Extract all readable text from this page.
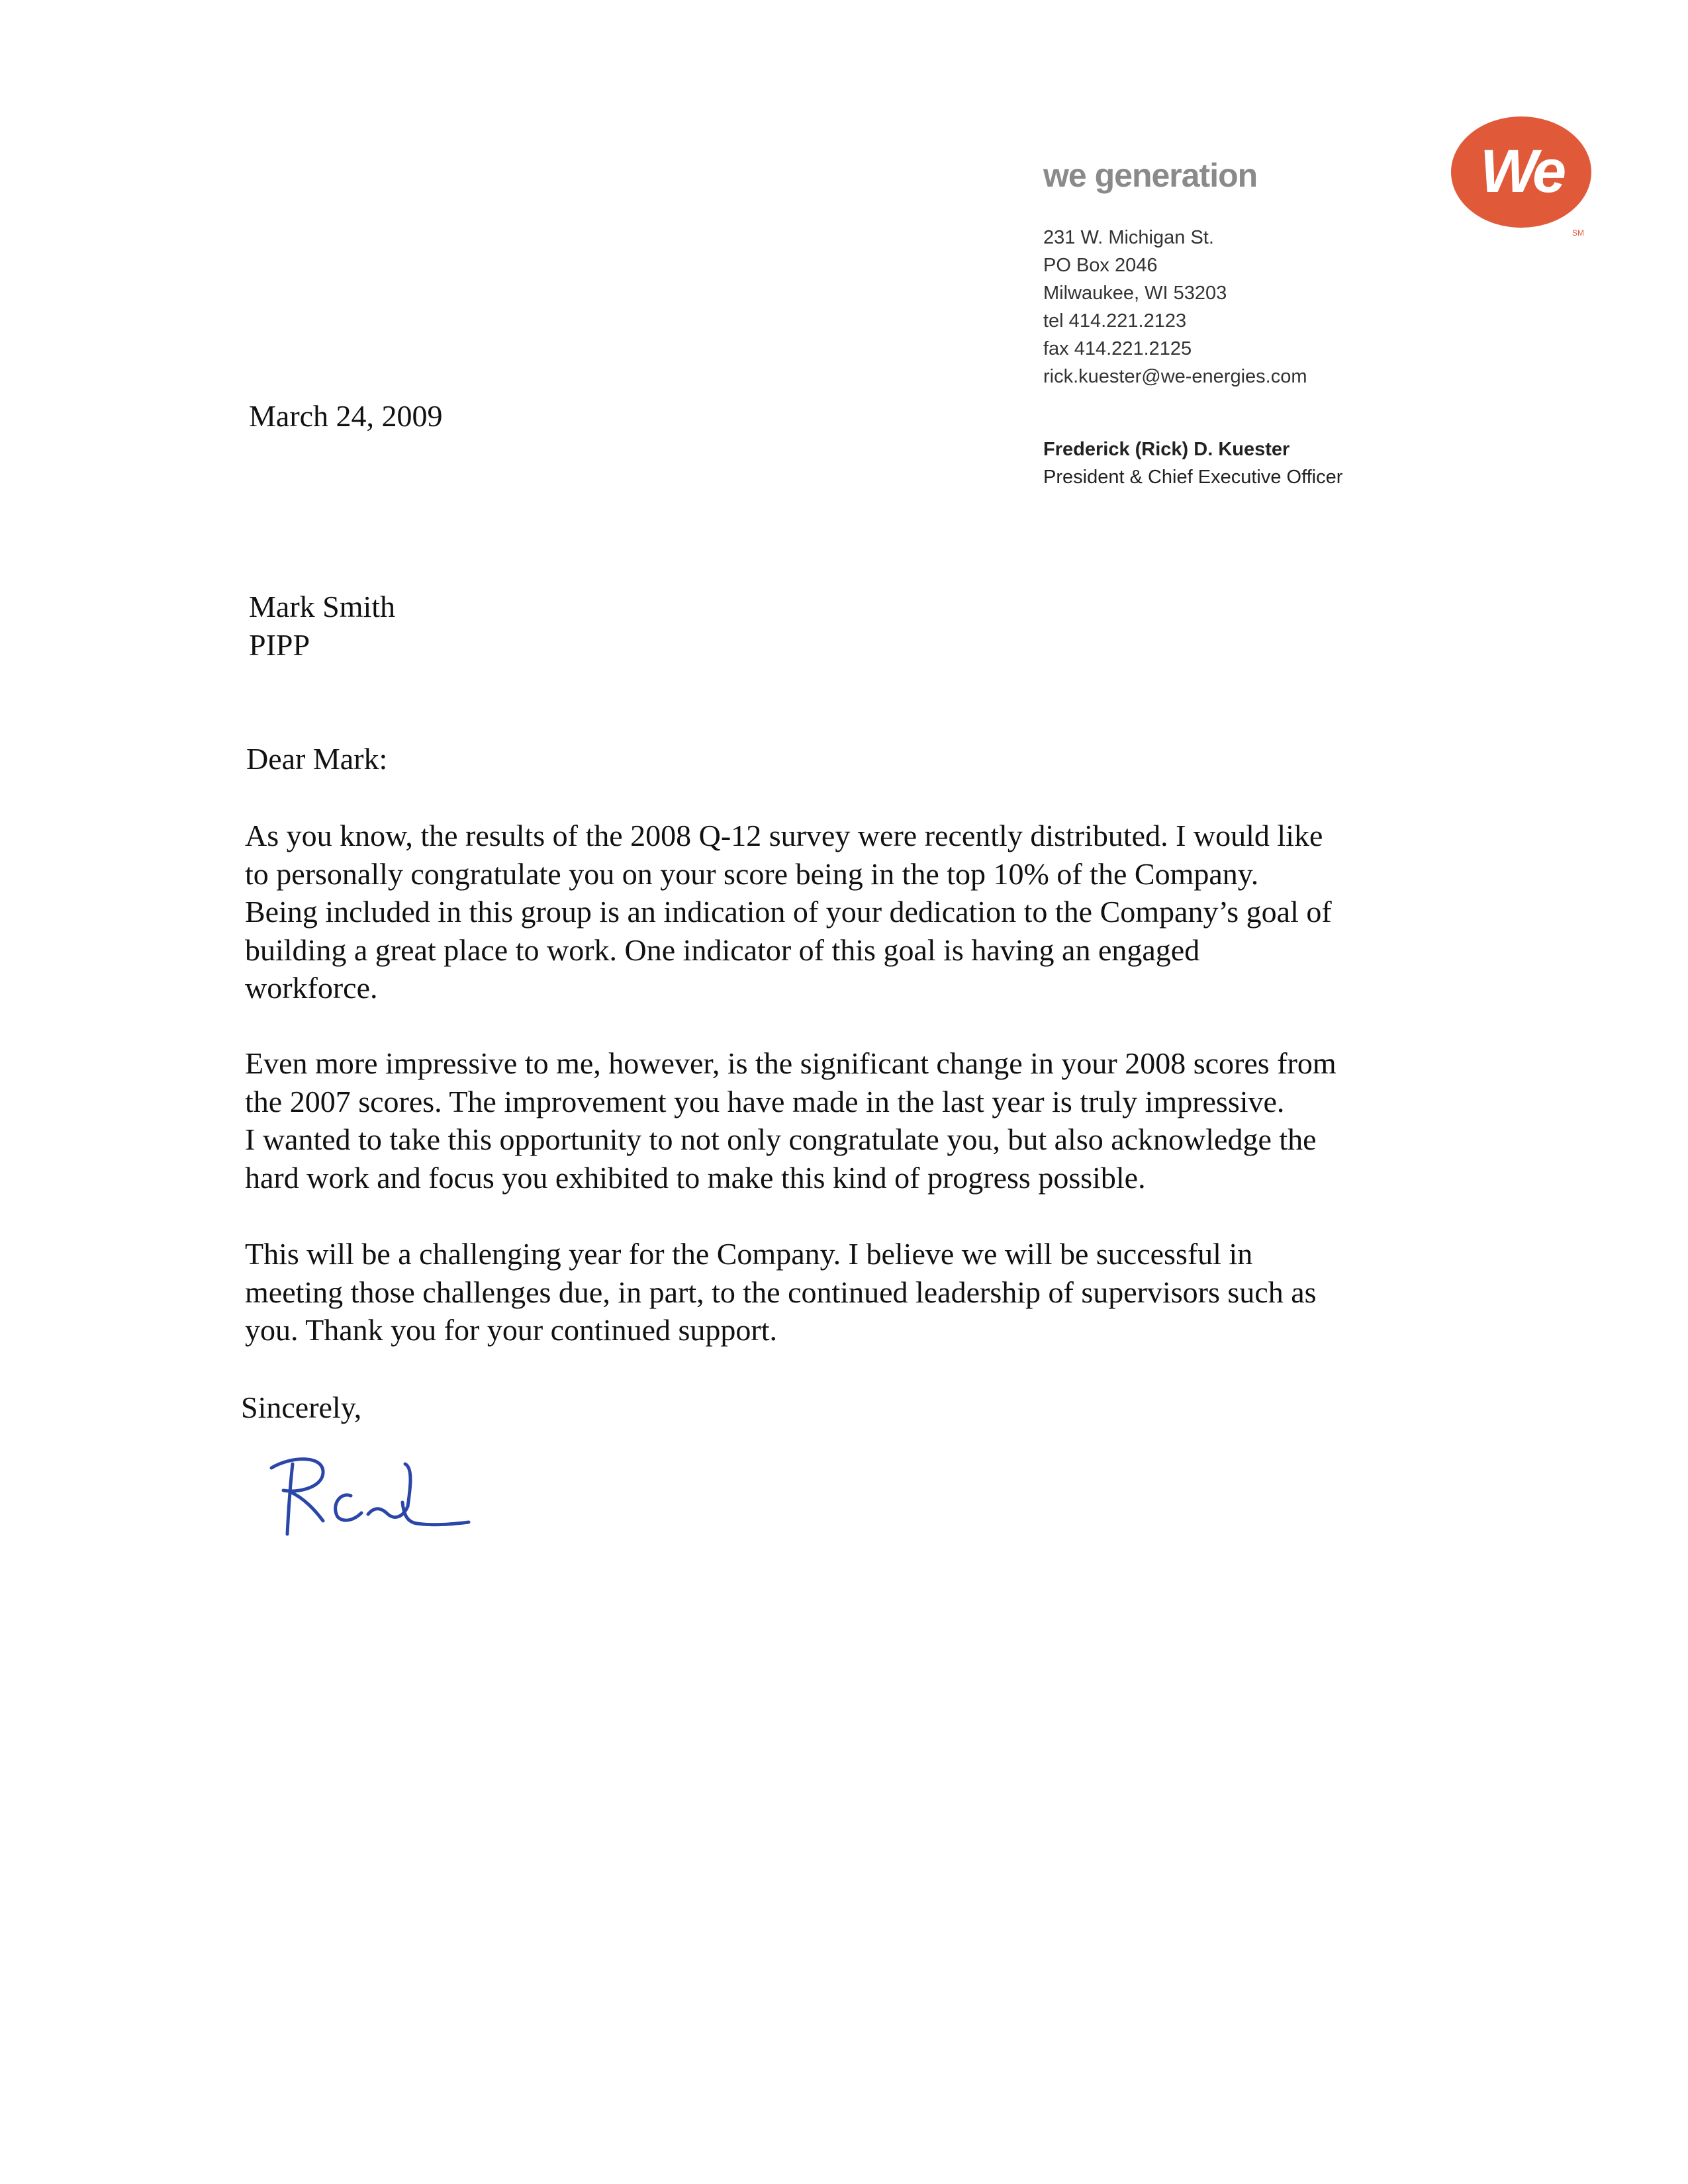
we generation	We
SM
231 W. Michigan St.
PO Box 2046
Milwaukee, WI 53203
tel 414.221.2123
fax 414.221.2125
rick.kuester@we-energies.com
Frederick (Rick) D. Kuester
President & Chief Executive Officer
March 24, 2009
Mark Smith
PIPP
Dear Mark:
As you know, the results of the 2008 Q-12 survey were recently distributed. I would like
to personally congratulate you on your score being in the top 10% of the Company.
Being included in this group is an indication of your dedication to the Company’s goal of
building a great place to work. One indicator of this goal is having an engaged
workforce.
Even more impressive to me, however, is the significant change in your 2008 scores from
the 2007 scores. The improvement you have made in the last year is truly impressive.
I wanted to take this opportunity to not only congratulate you, but also acknowledge the
hard work and focus you exhibited to make this kind of progress possible.
This will be a challenging year for the Company. I believe we will be successful in
meeting those challenges due, in part, to the continued leadership of supervisors such as
you. Thank you for your continued support.
Sincerely,
